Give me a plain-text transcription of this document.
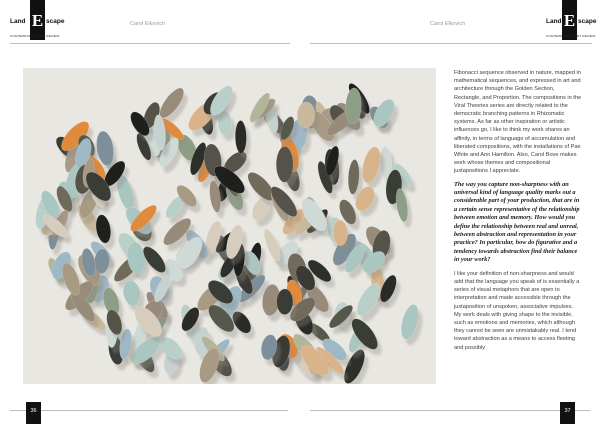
Land E scape
CONTEMPORARY ART REVIEW
Carol Elkovich	Land E scape
CONTEMPORARY ART REVIEW
Carol Elkovich

Fibonacci sequence observed in nature, mapped in mathematical sequences, and expressed in art and architecture through the Golden Section, Rectangle, and Proportion. The compositions in the Viral Theories series are directly related to the democratic branching patterns in Rhizomatic systems. As far as other inspiration or artistic influences go, I like to think my work shares an affinity, in terms of language of accumulation and liberated compositions, with the installations of Pae White and Ann Hamilton. Also, Carol Bove makes work whose themes and compositional juxtapositions I appreciate.

The way you capture non-sharpness with an universal kind of language quality marks out a considerable part of your production, that are in a certain sense representative of the relationship between emotion and memory. How would you define the relationship between real and unreal, between abstraction and representation in your practice? In particular, how do figurative and a tendency towards abstraction find their balance in your work?

I like your definition of non-sharpness and would add that the language you speak of is essentially a series of visual metaphors that are open to interpretation and made accessible through the juxtaposition of unspoken, associative impulses. My work deals with giving shape to the invisible, such as emotions and memories, which although they cannot be seen are unmistakably real. I tend toward abstraction as a means to access fleeting and possibly

36	37
